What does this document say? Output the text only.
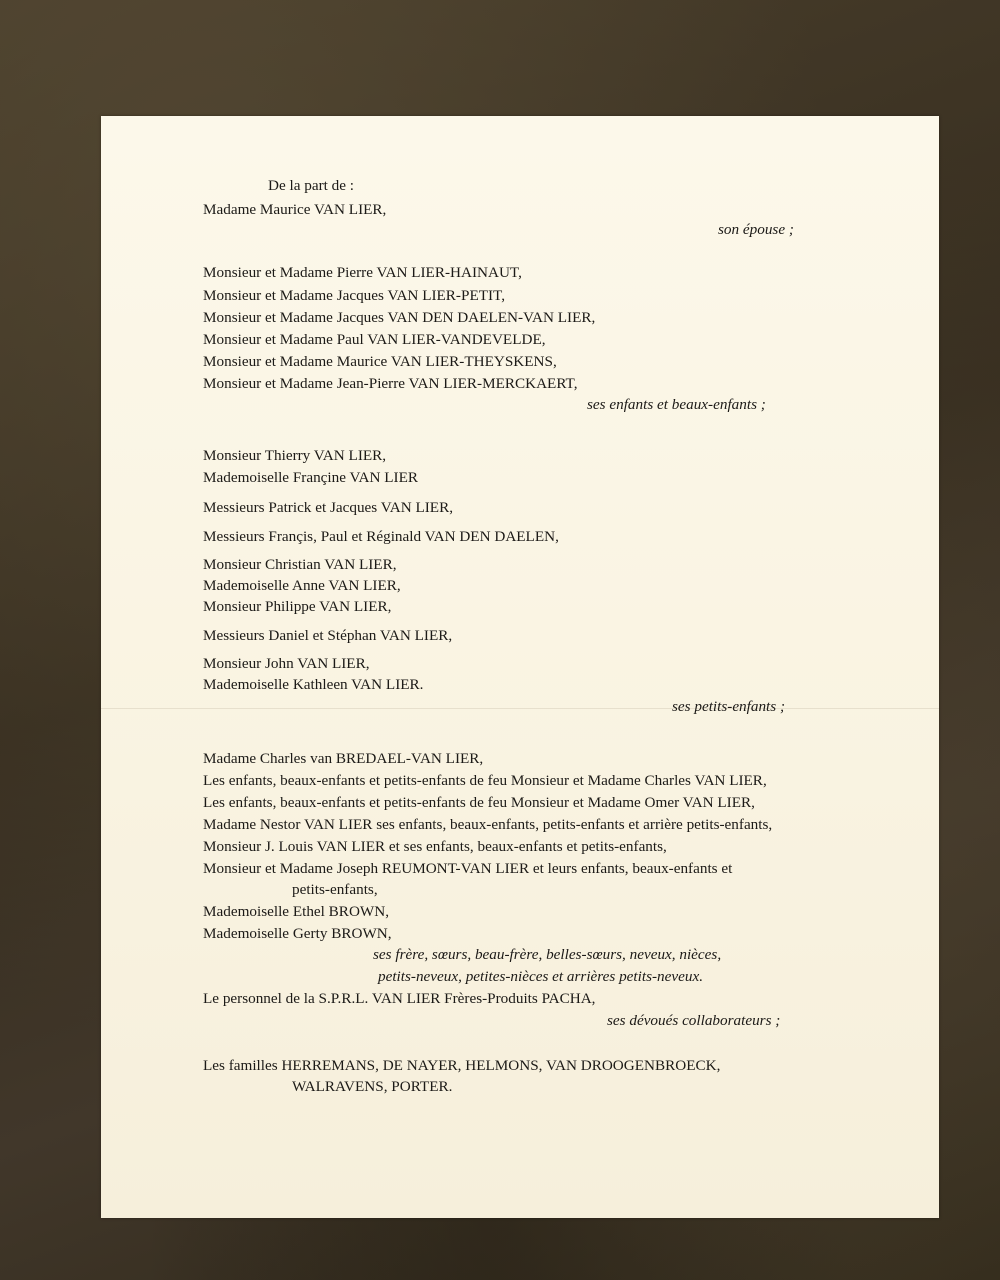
De la part de :
Madame Maurice VAN LIER,
son épouse ;
Monsieur et Madame Pierre VAN LIER-HAINAUT,
Monsieur et Madame Jacques VAN LIER-PETIT,
Monsieur et Madame Jacques VAN DEN DAELEN-VAN LIER,
Monsieur et Madame Paul VAN LIER-VANDEVELDE,
Monsieur et Madame Maurice VAN LIER-THEYSKENS,
Monsieur et Madame Jean-Pierre VAN LIER-MERCKAERT,
ses enfants et beaux-enfants ;
Monsieur Thierry VAN LIER,
Mademoiselle Françine VAN LIER
Messieurs Patrick et Jacques VAN LIER,
Messieurs Françis, Paul et Réginald VAN DEN DAELEN,
Monsieur Christian VAN LIER,
Mademoiselle Anne VAN LIER,
Monsieur Philippe VAN LIER,
Messieurs Daniel et Stéphan VAN LIER,
Monsieur John VAN LIER,
Mademoiselle Kathleen VAN LIER.
ses petits-enfants ;
Madame Charles van BREDAEL-VAN LIER,
Les enfants, beaux-enfants et petits-enfants de feu Monsieur et Madame Charles VAN LIER,
Les enfants, beaux-enfants et petits-enfants de feu Monsieur et Madame Omer VAN LIER,
Madame Nestor VAN LIER ses enfants, beaux-enfants, petits-enfants et arrière petits-enfants,
Monsieur J. Louis VAN LIER et ses enfants, beaux-enfants et petits-enfants,
Monsieur et Madame Joseph REUMONT-VAN LIER et leurs enfants, beaux-enfants et
petits-enfants,
Mademoiselle Ethel BROWN,
Mademoiselle Gerty BROWN,
ses frère, sœurs, beau-frère, belles-sœurs, neveux, nièces,
petits-neveux, petites-nièces et arrières petits-neveux.
Le personnel de la S.P.R.L. VAN LIER Frères-Produits PACHA,
ses dévoués collaborateurs ;
Les familles HERREMANS, DE NAYER, HELMONS, VAN DROOGENBROECK,
WALRAVENS, PORTER.
